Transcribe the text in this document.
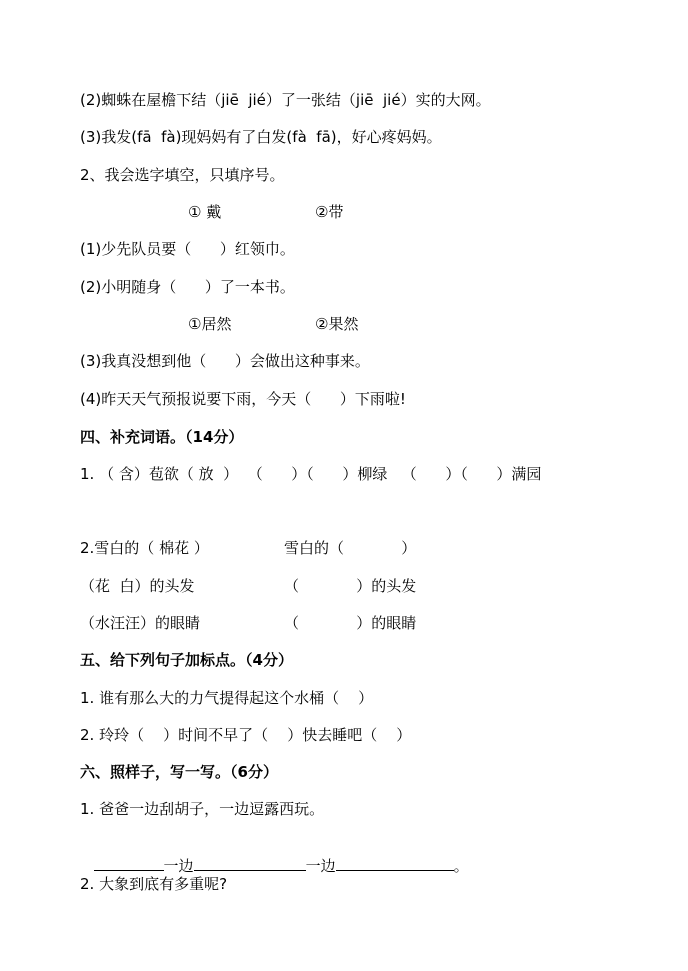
(2)蜘蛛在屋檐下结（jiē  jié）了一张结（jiē  jié）实的大网。
(3)我发(fā  fà)现妈妈有了白发(fà  fā)，好心疼妈妈。
2、我会选字填空，只填序号。
① 戴	②带
(1)少先队员要（      ）红领巾。
(2)小明随身（      ）了一本书。
①居然	②果然
(3)我真没想到他（      ）会做出这种事来。
(4)昨天天气预报说要下雨，今天（      ）下雨啦!
四、补充词语。（14分）
1. （ 含）苞欲（ 放  ）  （      ）（      ）柳绿   （      ）（      ）满园
2.雪白的（ 棉花 ）	雪白的（            ）
（花  白）的头发	（            ）的头发
（水汪汪）的眼睛	（            ）的眼睛
五、给下列句子加标点。（4分）
1. 谁有那么大的力气提得起这个水桶（    ）
2. 玲玲（    ）时间不早了（    ）快去睡吧（    ）
六、照样子，写一写。（6分）
1. 爸爸一边刮胡子，一边逗露西玩。

一边	一边	。

2. 大象到底有多重呢?
